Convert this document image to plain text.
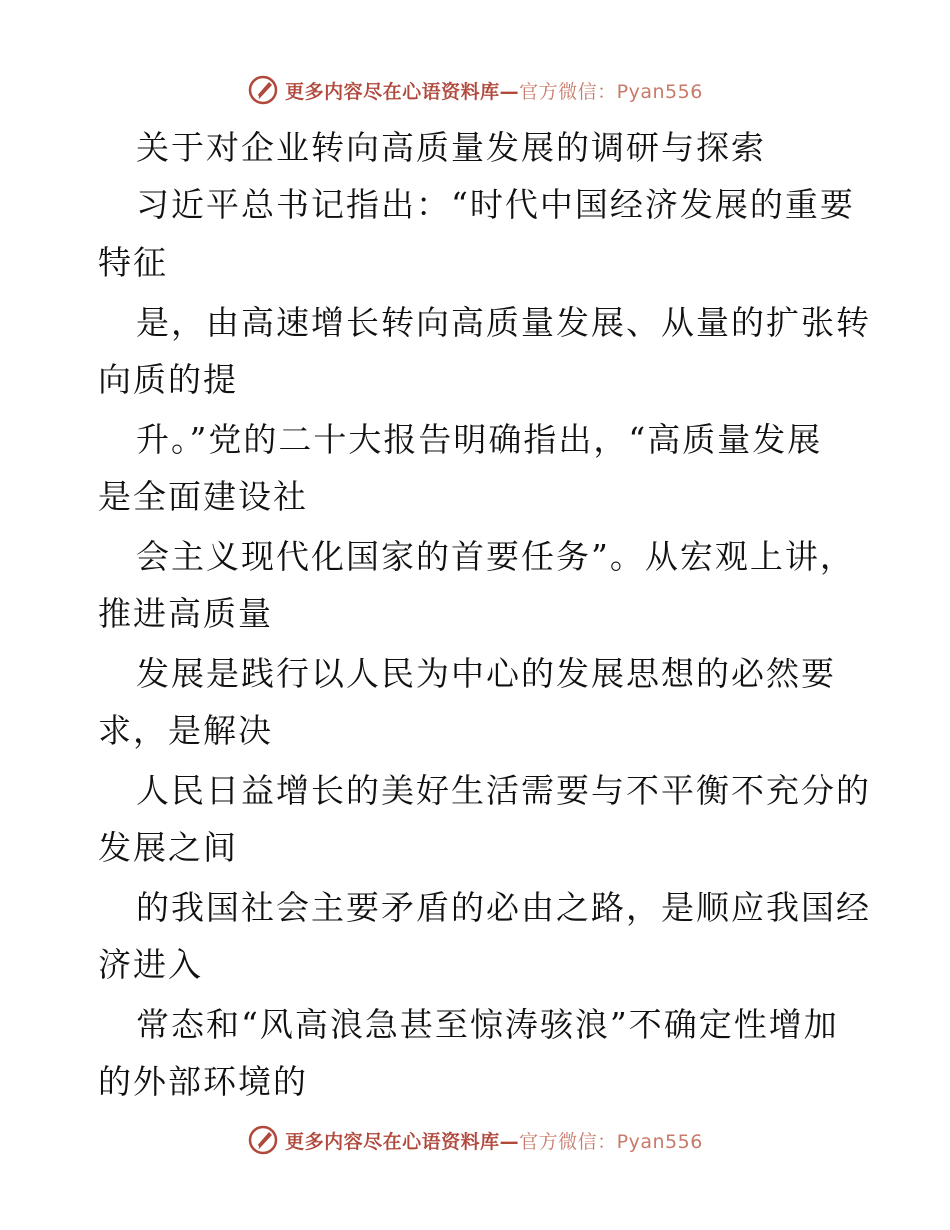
更多内容尽在心语资料库—官方微信：Pyan556
关于对企业转向高质量发展的调研与探索
习近平总书记指出：“时代中国经济发展的重要
特征
是，由高速增长转向高质量发展、从量的扩张转
向质的提
升。”党的二十大报告明确指出，“高质量发展
是全面建设社
会主义现代化国家的首要任务”。从宏观上讲，
推进高质量
发展是践行以人民为中心的发展思想的必然要
求，是解决
人民日益增长的美好生活需要与不平衡不充分的
发展之间
的我国社会主要矛盾的必由之路，是顺应我国经
济进入
常态和“风高浪急甚至惊涛骇浪”不确定性增加
的外部环境的
更多内容尽在心语资料库—官方微信：Pyan556
